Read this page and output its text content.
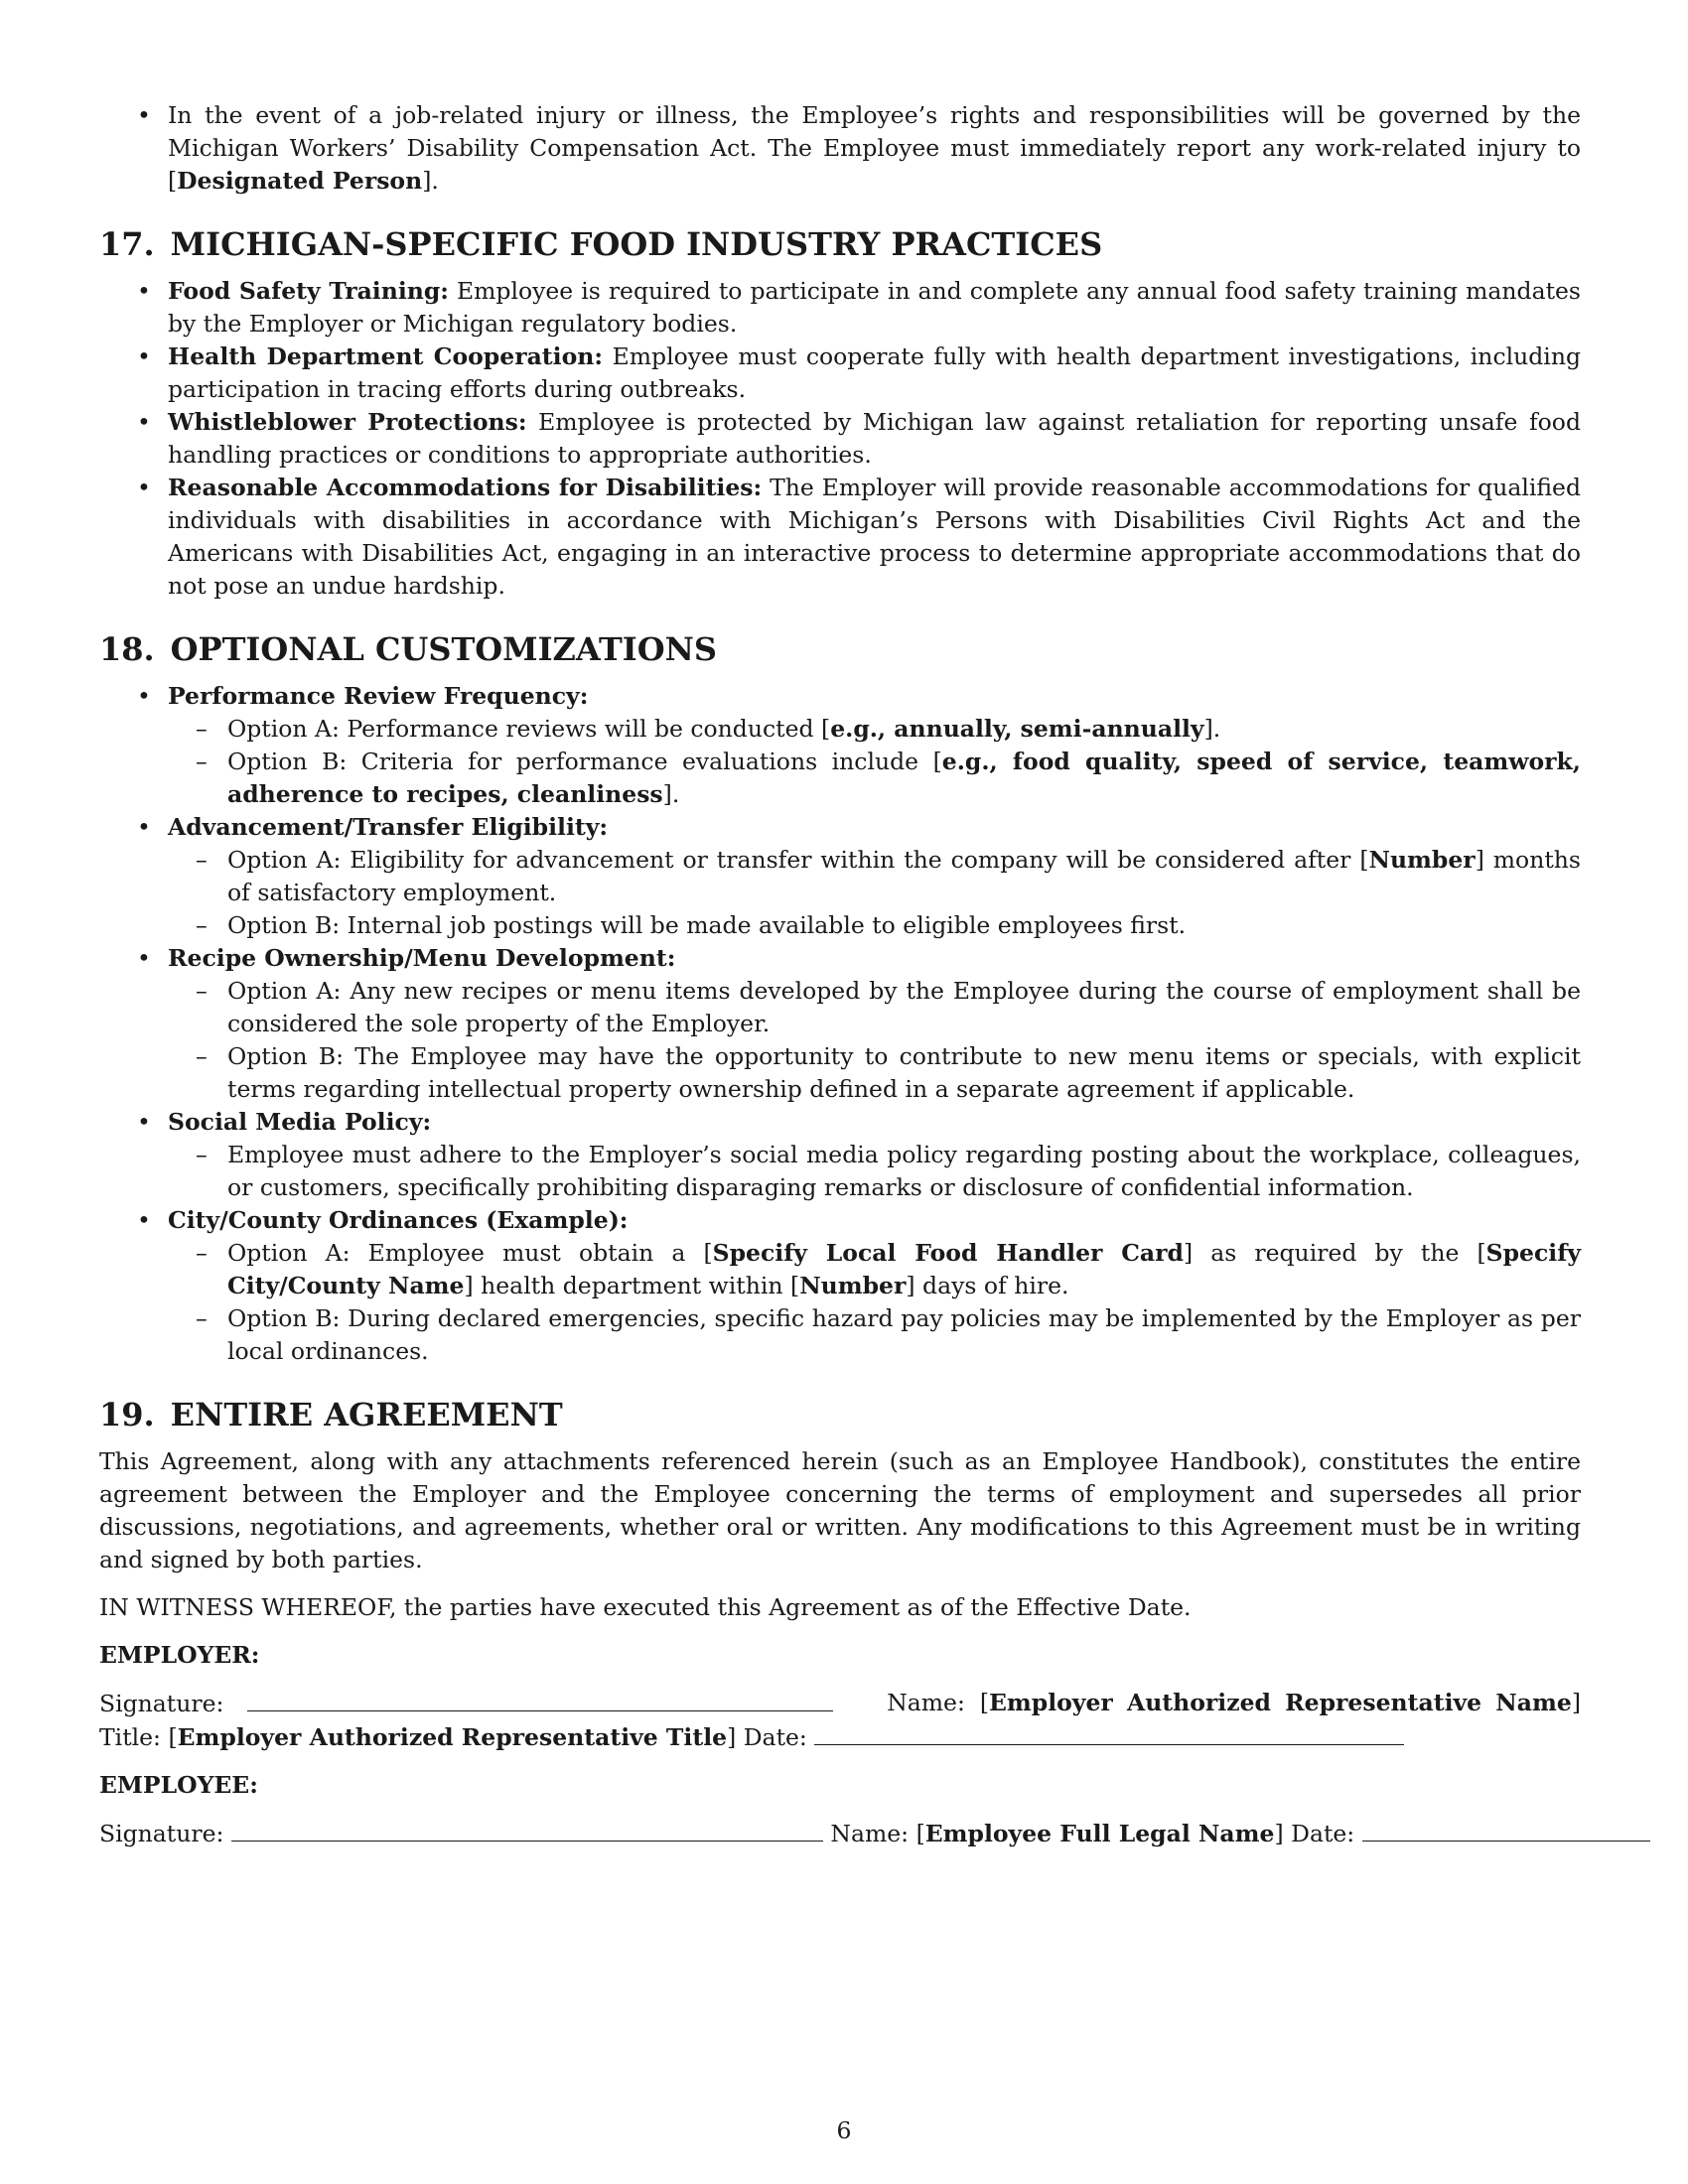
• In the event of a job-related injury or illness, the Employee’s rights and responsibilities will be governed by the Michigan Workers’ Disability Compensation Act. The Employee must immediately report any work-related injury to [Designated Person].
17. MICHIGAN-SPECIFIC FOOD INDUSTRY PRACTICES
• Food Safety Training: Employee is required to participate in and complete any annual food safety training mandates by the Employer or Michigan regulatory bodies.
• Health Department Cooperation: Employee must cooperate fully with health department investigations, including participation in tracing efforts during outbreaks.
• Whistleblower Protections: Employee is protected by Michigan law against retaliation for reporting unsafe food handling practices or conditions to appropriate authorities.
• Reasonable Accommodations for Disabilities: The Employer will provide reasonable accommodations for qualified individuals with disabilities in accordance with Michigan’s Persons with Disabilities Civil Rights Act and the Americans with Disabilities Act, engaging in an interactive process to determine appropriate accommodations that do not pose an undue hardship.
18. OPTIONAL CUSTOMIZATIONS
• Performance Review Frequency:
– Option A: Performance reviews will be conducted [e.g., annually, semi-annually].
– Option B: Criteria for performance evaluations include [e.g., food quality, speed of service, teamwork, adherence to recipes, cleanliness].
• Advancement/Transfer Eligibility:
– Option A: Eligibility for advancement or transfer within the company will be considered after [Number] months of satisfactory employment.
– Option B: Internal job postings will be made available to eligible employees first.
• Recipe Ownership/Menu Development:
– Option A: Any new recipes or menu items developed by the Employee during the course of employment shall be considered the sole property of the Employer.
– Option B: The Employee may have the opportunity to contribute to new menu items or specials, with explicit terms regarding intellectual property ownership defined in a separate agreement if applicable.
• Social Media Policy:
– Employee must adhere to the Employer’s social media policy regarding posting about the workplace, colleagues, or customers, specifically prohibiting disparaging remarks or disclosure of confidential information.
• City/County Ordinances (Example):
– Option A: Employee must obtain a [Specify Local Food Handler Card] as required by the [Specify City/County Name] health department within [Number] days of hire.
– Option B: During declared emergencies, specific hazard pay policies may be implemented by the Employer as per local ordinances.
19. ENTIRE AGREEMENT

This Agreement, along with any attachments referenced herein (such as an Employee Handbook), constitutes the entire agreement between the Employer and the Employee concerning the terms of employment and supersedes all prior discussions, negotiations, and agreements, whether oral or written. Any modifications to this Agreement must be in writing and signed by both parties.

IN WITNESS WHEREOF, the parties have executed this Agreement as of the Effective Date.

EMPLOYER:

Signature:	Name:  [Employer Authorized Representative Name]
Title: [Employer Authorized Representative Title] Date:

EMPLOYEE:

Signature:	Name: [Employee Full Legal Name] Date:
6
